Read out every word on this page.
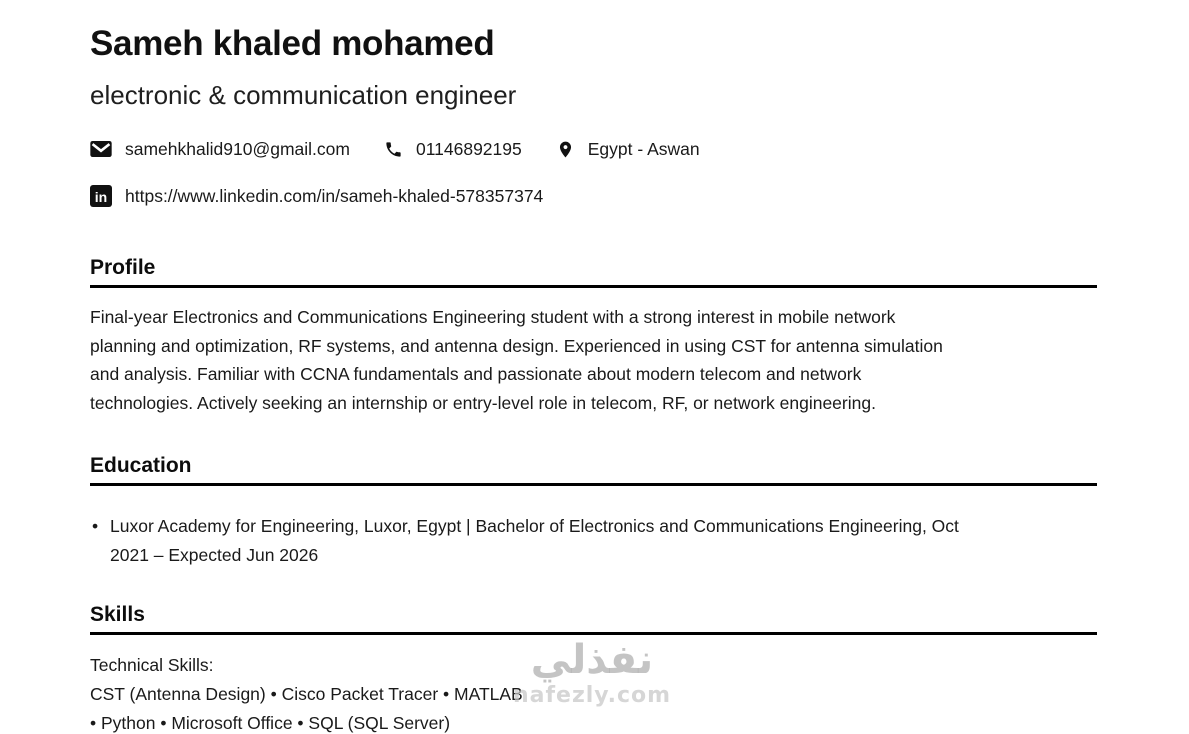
Sameh khaled mohamed
electronic & communication engineer
samehkhalid910@gmail.com	01146892195	Egypt - Aswan
in https://www.linkedin.com/in/sameh-khaled-578357374
Profile
Final-year Electronics and Communications Engineering student with a strong interest in mobile network
planning and optimization, RF systems, and antenna design. Experienced in using CST for antenna simulation
and analysis. Familiar with CCNA fundamentals and passionate about modern telecom and network
technologies. Actively seeking an internship or entry-level role in telecom, RF, or network engineering.
Education
• Luxor Academy for Engineering, Luxor, Egypt | Bachelor of Electronics and Communications Engineering, Oct
2021 – Expected Jun 2026
Skills
Technical Skills:
CST (Antenna Design) • Cisco Packet Tracer • MATLAB
• Python • Microsoft Office • SQL (SQL Server)
نفذلي
nafezly.com
